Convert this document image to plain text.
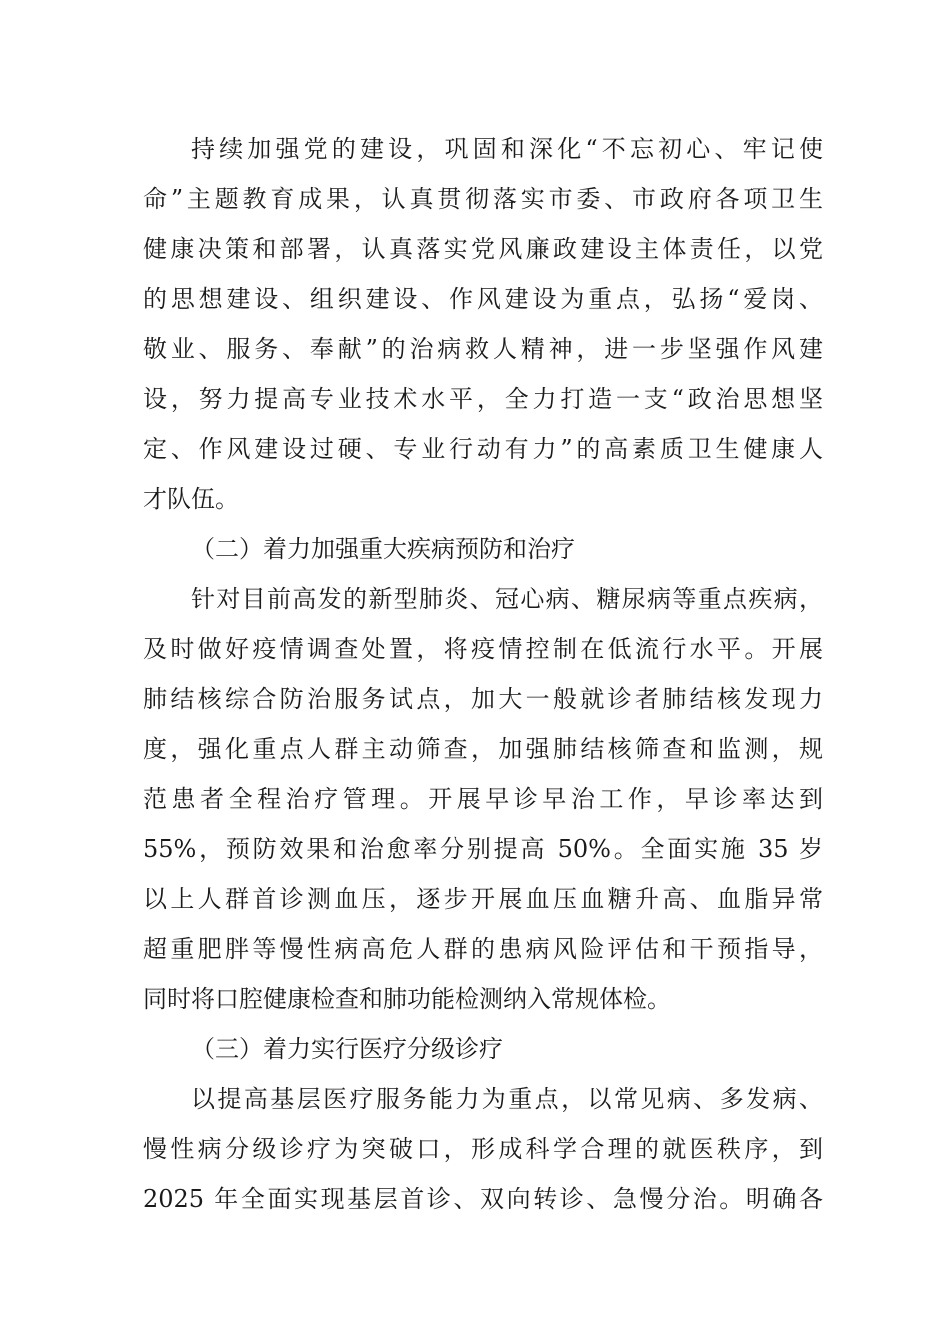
持续加强党的建设，巩固和深化“不忘初心、牢记使
命”主题教育成果，认真贯彻落实市委、市政府各项卫生
健康决策和部署，认真落实党风廉政建设主体责任，以党
的思想建设、组织建设、作风建设为重点，弘扬“爱岗、
敬业、服务、奉献”的治病救人精神，进一步坚强作风建
设，努力提高专业技术水平，全力打造一支“政治思想坚
定、作风建设过硬、专业行动有力”的高素质卫生健康人
才队伍。
（二）着力加强重大疾病预防和治疗
针对目前高发的新型肺炎、冠心病、糖尿病等重点疾病，
及时做好疫情调查处置，将疫情控制在低流行水平。开展
肺结核综合防治服务试点，加大一般就诊者肺结核发现力
度，强化重点人群主动筛查，加强肺结核筛查和监测，规
范患者全程治疗管理。开展早诊早治工作，早诊率达到
55%，预防效果和治愈率分别提高 50%。全面实施 35 岁
以上人群首诊测血压，逐步开展血压血糖升高、血脂异常
超重肥胖等慢性病高危人群的患病风险评估和干预指导，
同时将口腔健康检查和肺功能检测纳入常规体检。
（三）着力实行医疗分级诊疗
以提高基层医疗服务能力为重点，以常见病、多发病、
慢性病分级诊疗为突破口，形成科学合理的就医秩序，到
2025 年全面实现基层首诊、双向转诊、急慢分治。明确各
